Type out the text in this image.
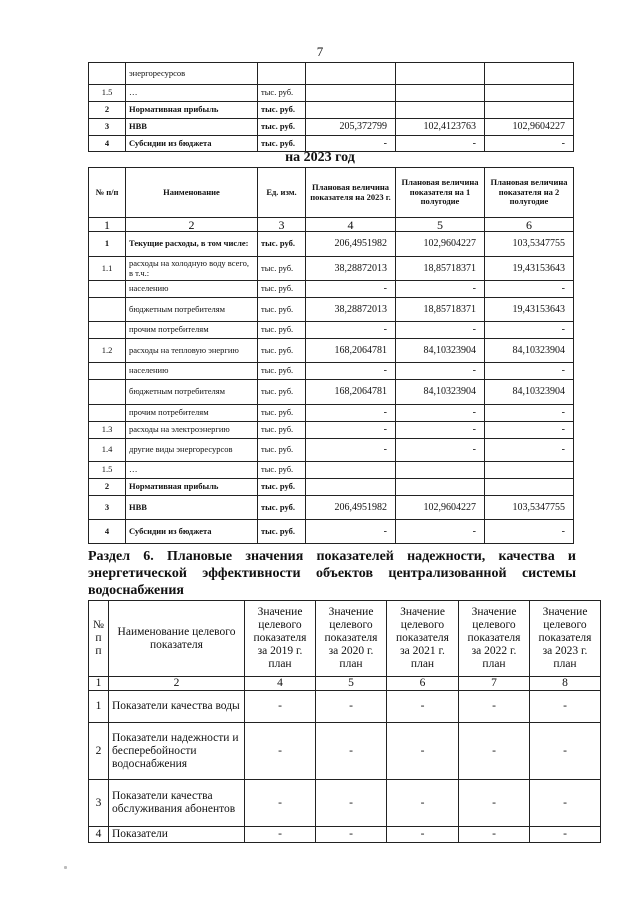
7
	энергоресурсов				
1.5	…	тыс. руб.			
2	Нормативная прибыль	тыс. руб.			
3	НВВ	тыс. руб.	205,372799	102,4123763	102,9604227
4	Субсидии из бюджета	тыс. руб.	-	-	-
на 2023 год
№ п/п	Наименование	Ед. изм.	Плановая величина показателя на 2023 г.	Плановая величина показателя на 1 полугодие	Плановая величина показателя на 2 полугодие
1	2	3	4	5	6
1	Текущие расходы, в том числе:	тыс. руб.	206,4951982	102,9604227	103,5347755
1.1	расходы на холодную воду всего, в т.ч.:	тыс. руб.	38,28872013	18,85718371	19,43153643
	населению	тыс. руб.	-	-	-
	бюджетным потребителям	тыс. руб.	38,28872013	18,85718371	19,43153643
	прочим потребителям	тыс. руб.	-	-	-
1.2	расходы на тепловую энергию	тыс. руб.	168,2064781	84,10323904	84,10323904
	населению	тыс. руб.	-	-	-
	бюджетным потребителям	тыс. руб.	168,2064781	84,10323904	84,10323904
	прочим потребителям	тыс. руб.	-	-	-
1.3	расходы на электроэнергию	тыс. руб.	-	-	-
1.4	другие виды энергоресурсов	тыс. руб.	-	-	-
1.5	…	тыс. руб.			
2	Нормативная прибыль	тыс. руб.			
3	НВВ	тыс. руб.	206,4951982	102,9604227	103,5347755
4	Субсидии из бюджета	тыс. руб.	-	-	-
Раздел 6. Плановые значения показателей надежности, качества и энергетической эффективности объектов централизованной системы водоснабжения
№ п п	Наименование целевого показателя	Значение целевого показателя за 2019 г. план	Значение целевого показателя за 2020 г. план	Значение целевого показателя за 2021 г. план	Значение целевого показателя за 2022 г. план	Значение целевого показателя за 2023 г. план
1	2	4	5	6	7	8
1	Показатели качества воды	-	-	-	-	-
2	Показатели надежности и бесперебойности водоснабжения	-	-	-	-	-
3	Показатели качества обслуживания абонентов	-	-	-	-	-
4	Показатели	-	-	-	-	-
